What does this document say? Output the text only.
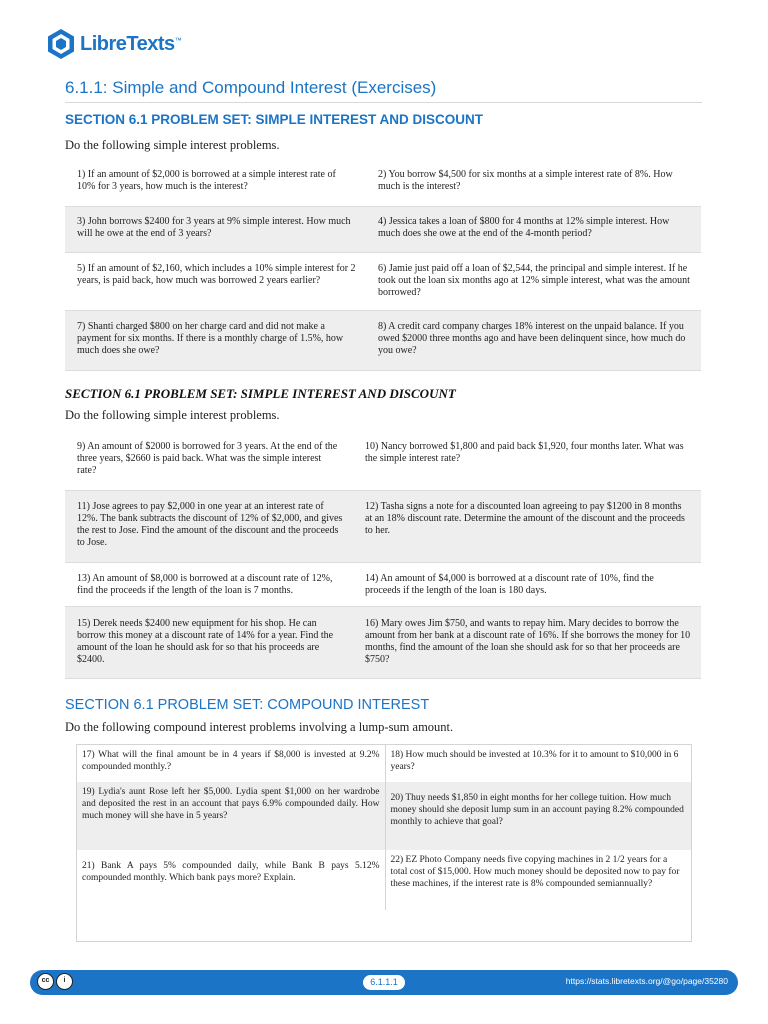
LibreTexts™
6.1.1: Simple and Compound Interest (Exercises)
SECTION 6.1 PROBLEM SET: SIMPLE INTEREST AND DISCOUNT
Do the following simple interest problems.
1) If an amount of $2,000 is borrowed at a simple interest rate of 10% for 3 years, how much is the interest?	2) You borrow $4,500 for six months at a simple interest rate of 8%. How much is the interest?
3) John borrows $2400 for 3 years at 9% simple interest. How much will he owe at the end of 3 years?	4) Jessica takes a loan of $800 for 4 months at 12% simple interest. How much does she owe at the end of the 4-month period?
5) If an amount of $2,160, which includes a 10% simple interest for 2 years, is paid back, how much was borrowed 2 years earlier?	6) Jamie just paid off a loan of $2,544, the principal and simple interest. If he took out the loan six months ago at 12% simple interest, what was the amount borrowed?
7) Shanti charged $800 on her charge card and did not make a payment for six months. If there is a monthly charge of 1.5%, how much does she owe?	8) A credit card company charges 18% interest on the unpaid balance. If you owed $2000 three months ago and have been delinquent since, how much do you owe?
SECTION 6.1 PROBLEM SET: SIMPLE INTEREST AND DISCOUNT
Do the following simple interest problems.
9) An amount of $2000 is borrowed for 3 years. At the end of the three years, $2660 is paid back. What was the simple interest rate?	10) Nancy borrowed $1,800 and paid back $1,920, four months later. What was the simple interest rate?
11) Jose agrees to pay $2,000 in one year at an interest rate of 12%. The bank subtracts the discount of 12% of $2,000, and gives the rest to Jose. Find the amount of the discount and the proceeds to Jose.	12) Tasha signs a note for a discounted loan agreeing to pay $1200 in 8 months at an 18% discount rate. Determine the amount of the discount and the proceeds to her.
13) An amount of $8,000 is borrowed at a discount rate of 12%, find the proceeds if the length of the loan is 7 months.	14) An amount of $4,000 is borrowed at a discount rate of 10%, find the proceeds if the length of the loan is 180 days.
15) Derek needs $2400 new equipment for his shop. He can borrow this money at a discount rate of 14% for a year. Find the amount of the loan he should ask for so that his proceeds are $2400.	16) Mary owes Jim $750, and wants to repay him. Mary decides to borrow the amount from her bank at a discount rate of 16%. If she borrows the money for 10 months, find the amount of the loan she should ask for so that her proceeds are $750?
SECTION 6.1 PROBLEM SET: COMPOUND INTEREST
Do the following compound interest problems involving a lump-sum amount.
17) What will the final amount be in 4 years if $8,000 is invested at 9.2% compounded monthly.?	18) How much should be invested at 10.3% for it to amount to $10,000 in 6 years?
19) Lydia's aunt Rose left her $5,000. Lydia spent $1,000 on her wardrobe and deposited the rest in an account that pays 6.9% compounded daily. How much money will she have in 5 years?	20) Thuy needs $1,850 in eight months for her college tuition. How much money should she deposit lump sum in an account paying 8.2% compounded monthly to achieve that goal?
21) Bank A pays 5% compounded daily, while Bank B pays 5.12% compounded monthly. Which bank pays more? Explain.	22) EZ Photo Company needs five copying machines in 2 1/2 years for a total cost of $15,000. How much money should be deposited now to pay for these machines, if the interest rate is 8% compounded semiannually?
cc	i	6.1.1.1	https://stats.libretexts.org/@go/page/35280
